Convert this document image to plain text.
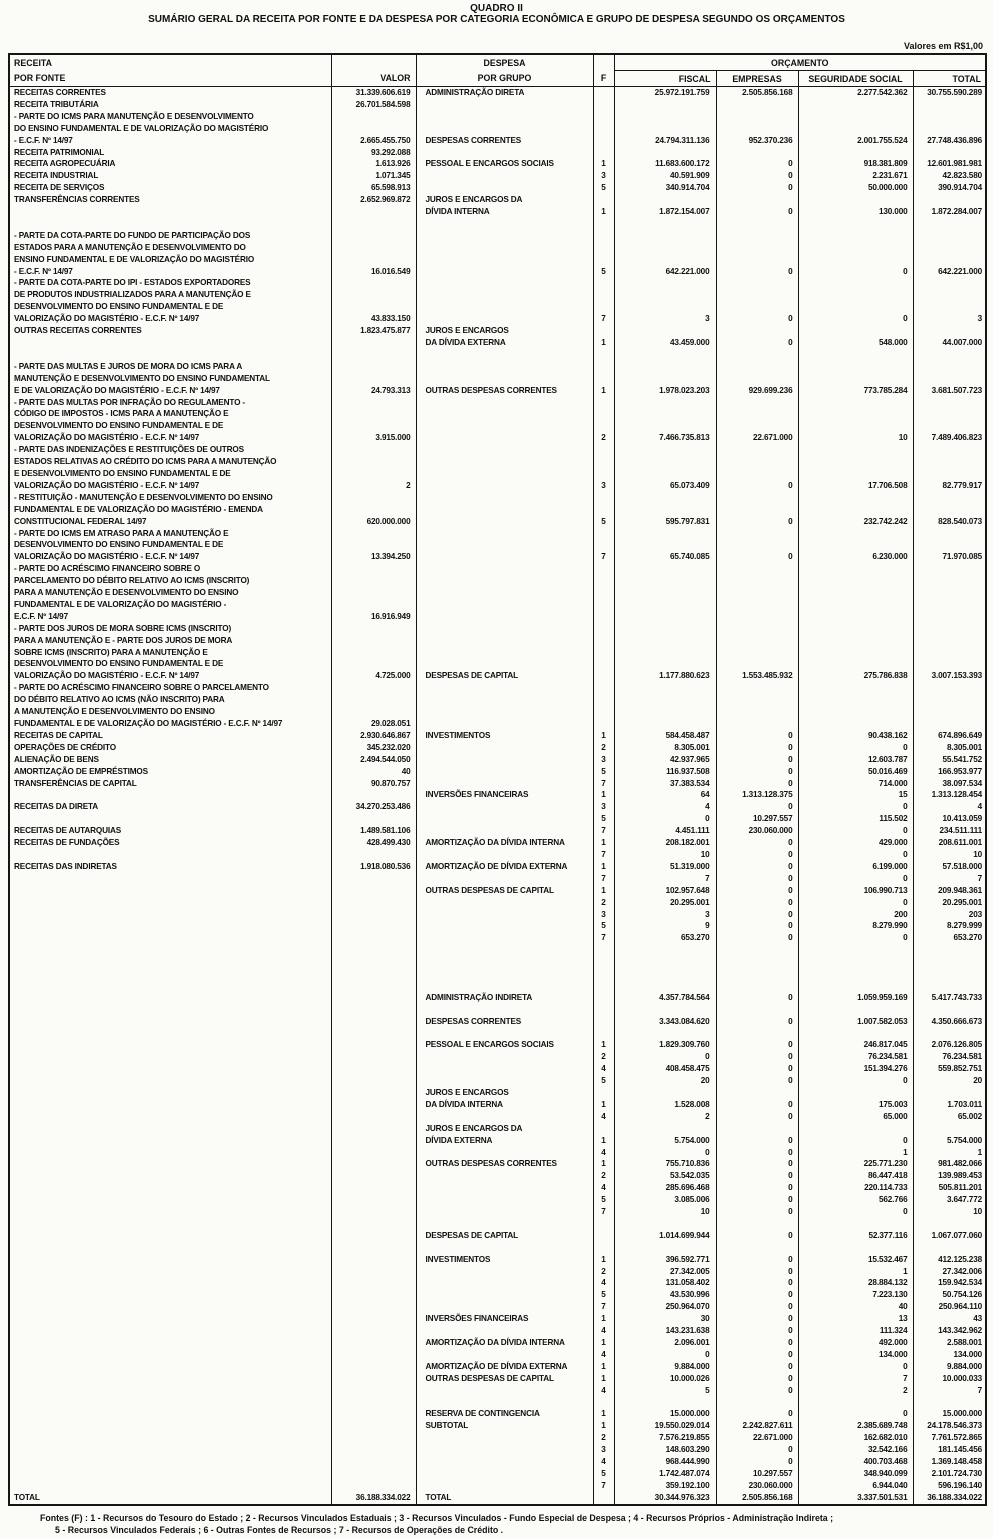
QUADRO II
SUMÁRIO GERAL DA RECEITA POR FONTE E DA DESPESA POR CATEGORIA ECONÔMICA E GRUPO DE DESPESA SEGUNDO OS ORÇAMENTOS
Valores em R$1,00
RECEITA		DESPESA		ORÇAMENTO			
POR FONTE	VALOR	POR GRUPO	F	FISCAL	EMPRESAS	SEGURIDADE SOCIAL	TOTAL
RECEITAS CORRENTES	31.339.606.619	ADMINISTRAÇÃO DIRETA		25.972.191.759	2.505.856.168	2.277.542.362	30.755.590.289
RECEITA TRIBUTÁRIA	26.701.584.598						
- PARTE DO ICMS PARA MANUTENÇÃO E DESENVOLVIMENTO							
DO ENSINO FUNDAMENTAL E DE VALORIZAÇÃO DO MAGISTÉRIO							
- E.C.F. Nº 14/97	2.665.455.750	DESPESAS CORRENTES		24.794.311.136	952.370.236	2.001.755.524	27.748.436.896
RECEITA PATRIMONIAL	93.292.088						
RECEITA AGROPECUÁRIA	1.613.926	PESSOAL E ENCARGOS SOCIAIS	1	11.683.600.172	0	918.381.809	12.601.981.981
RECEITA INDUSTRIAL	1.071.345		3	40.591.909	0	2.231.671	42.823.580
RECEITA DE SERVIÇOS	65.598.913		5	340.914.704	0	50.000.000	390.914.704
TRANSFERÊNCIAS CORRENTES	2.652.969.872	JUROS E ENCARGOS DA					
		DÍVIDA INTERNA	1	1.872.154.007	0	130.000	1.872.284.007

- PARTE DA COTA-PARTE DO FUNDO DE PARTICIPAÇÃO DOS							
ESTADOS PARA A MANUTENÇÃO E DESENVOLVIMENTO DO							
ENSINO FUNDAMENTAL E DE VALORIZAÇÃO DO MAGISTÉRIO							
- E.C.F. Nº 14/97	16.016.549		5	642.221.000	0	0	642.221.000
- PARTE DA COTA-PARTE DO IPI - ESTADOS EXPORTADORES							
DE PRODUTOS INDUSTRIALIZADOS PARA A MANUTENÇÃO E							
DESENVOLVIMENTO DO ENSINO FUNDAMENTAL E DE							
VALORIZAÇÃO DO MAGISTÉRIO - E.C.F. Nº 14/97	43.833.150		7	3	0	0	3
OUTRAS RECEITAS CORRENTES	1.823.475.877	JUROS E ENCARGOS					
		DA DÍVIDA EXTERNA	1	43.459.000	0	548.000	44.007.000

- PARTE DAS MULTAS E JUROS DE MORA DO ICMS PARA A							
MANUTENÇÃO E DESENVOLVIMENTO DO ENSINO FUNDAMENTAL							
E DE VALORIZAÇÃO DO MAGISTÉRIO - E.C.F. Nº 14/97	24.793.313	OUTRAS DESPESAS CORRENTES	1	1.978.023.203	929.699.236	773.785.284	3.681.507.723
- PARTE DAS MULTAS POR INFRAÇÃO DO REGULAMENTO -							
CÓDIGO DE IMPOSTOS - ICMS PARA A MANUTENÇÃO E							
DESENVOLVIMENTO DO ENSINO FUNDAMENTAL E DE							
VALORIZAÇÃO DO MAGISTÉRIO - E.C.F. Nº 14/97	3.915.000		2	7.466.735.813	22.671.000	10	7.489.406.823
- PARTE DAS INDENIZAÇÕES E RESTITUIÇÕES DE OUTROS							
ESTADOS RELATIVAS AO CRÉDITO DO ICMS PARA A MANUTENÇÃO							
E DESENVOLVIMENTO DO ENSINO FUNDAMENTAL E DE							
VALORIZAÇÃO DO MAGISTÉRIO - E.C.F. Nº 14/97	2		3	65.073.409	0	17.706.508	82.779.917
- RESTITUIÇÃO - MANUTENÇÃO E DESENVOLVIMENTO DO ENSINO							
FUNDAMENTAL E DE VALORIZAÇÃO DO MAGISTÉRIO - EMENDA							
CONSTITUCIONAL FEDERAL 14/97	620.000.000		5	595.797.831	0	232.742.242	828.540.073
- PARTE DO ICMS EM ATRASO PARA A MANUTENÇÃO E							
DESENVOLVIMENTO DO ENSINO FUNDAMENTAL E DE							
VALORIZAÇÃO DO MAGISTÉRIO - E.C.F. Nº 14/97	13.394.250		7	65.740.085	0	6.230.000	71.970.085
- PARTE DO ACRÉSCIMO FINANCEIRO SOBRE O							
PARCELAMENTO DO DÉBITO RELATIVO AO ICMS (INSCRITO)							
PARA A MANUTENÇÃO E DESENVOLVIMENTO DO ENSINO							
FUNDAMENTAL E DE VALORIZAÇÃO DO MAGISTÉRIO -							
E.C.F. Nº 14/97	16.916.949						
- PARTE DOS JUROS DE MORA SOBRE ICMS (INSCRITO)							
PARA A MANUTENÇÃO E - PARTE DOS JUROS DE MORA							
SOBRE ICMS (INSCRITO) PARA A MANUTENÇÃO E							
DESENVOLVIMENTO DO ENSINO FUNDAMENTAL E DE							
VALORIZAÇÃO DO MAGISTÉRIO - E.C.F. Nº 14/97	4.725.000	DESPESAS DE CAPITAL		1.177.880.623	1.553.485.932	275.786.838	3.007.153.393
- PARTE DO ACRÉSCIMO FINANCEIRO SOBRE O PARCELAMENTO							
DO DÉBITO RELATIVO AO ICMS (NÃO INSCRITO) PARA							
A MANUTENÇÃO E DESENVOLVIMENTO DO ENSINO							
FUNDAMENTAL E DE VALORIZAÇÃO DO MAGISTÉRIO - E.C.F. Nº 14/97	29.028.051						
RECEITAS DE CAPITAL	2.930.646.867	INVESTIMENTOS	1	584.458.487	0	90.438.162	674.896.649
OPERAÇÕES DE CRÉDITO	345.232.020		2	8.305.001	0	0	8.305.001
ALIENAÇÃO DE BENS	2.494.544.050		3	42.937.965	0	12.603.787	55.541.752
AMORTIZAÇÃO DE EMPRÉSTIMOS	40		5	116.937.508	0	50.016.469	166.953.977
TRANSFERÊNCIAS DE CAPITAL	90.870.757		7	37.383.534	0	714.000	38.097.534
		INVERSÕES FINANCEIRAS	1	64	1.313.128.375	15	1.313.128.454
RECEITAS DA DIRETA	34.270.253.486		3	4	0	0	4
			5	0	10.297.557	115.502	10.413.059
RECEITAS DE AUTARQUIAS	1.489.581.106		7	4.451.111	230.060.000	0	234.511.111
RECEITAS DE FUNDAÇÕES	428.499.430	AMORTIZAÇÃO DA DÍVIDA INTERNA	1	208.182.001	0	429.000	208.611.001
			7	10	0	0	10
RECEITAS DAS INDIRETAS	1.918.080.536	AMORTIZAÇÃO DE DÍVIDA EXTERNA	1	51.319.000	0	6.199.000	57.518.000
			7	7	0	0	7
		OUTRAS DESPESAS DE CAPITAL	1	102.957.648	0	106.990.713	209.948.361
			2	20.295.001	0	0	20.295.001
			3	3	0	200	203
			5	9	0	8.279.990	8.279.999
			7	653.270	0	0	653.270

		ADMINISTRAÇÃO INDIRETA		4.357.784.564	0	1.059.959.169	5.417.743.733

		DESPESAS CORRENTES		3.343.084.620	0	1.007.582.053	4.350.666.673

		PESSOAL E ENCARGOS SOCIAIS	1	1.829.309.760	0	246.817.045	2.076.126.805
			2	0	0	76.234.581	76.234.581
			4	408.458.475	0	151.394.276	559.852.751
			5	20	0	0	20
		JUROS E ENCARGOS					
		DA DÍVIDA INTERNA	1	1.528.008	0	175.003	1.703.011
			4	2	0	65.000	65.002
		JUROS E ENCARGOS DA					
		DÍVIDA EXTERNA	1	5.754.000	0	0	5.754.000
			4	0	0	1	1
		OUTRAS DESPESAS CORRENTES	1	755.710.836	0	225.771.230	981.482.066
			2	53.542.035	0	86.447.418	139.989.453
			4	285.696.468	0	220.114.733	505.811.201
			5	3.085.006	0	562.766	3.647.772
			7	10	0	0	10

		DESPESAS DE CAPITAL		1.014.699.944	0	52.377.116	1.067.077.060

		INVESTIMENTOS	1	396.592.771	0	15.532.467	412.125.238
			2	27.342.005	0	1	27.342.006
			4	131.058.402	0	28.884.132	159.942.534
			5	43.530.996	0	7.223.130	50.754.126
			7	250.964.070	0	40	250.964.110
		INVERSÕES FINANCEIRAS	1	30	0	13	43
			4	143.231.638	0	111.324	143.342.962
		AMORTIZAÇÃO DA DÍVIDA INTERNA	1	2.096.001	0	492.000	2.588.001
			4	0	0	134.000	134.000
		AMORTIZAÇÃO DE DÍVIDA EXTERNA	1	9.884.000	0	0	9.884.000
		OUTRAS DESPESAS DE CAPITAL	1	10.000.026	0	7	10.000.033
			4	5	0	2	7

		RESERVA DE CONTINGENCIA	1	15.000.000	0	0	15.000.000
		SUBTOTAL	1	19.550.029.014	2.242.827.611	2.385.689.748	24.178.546.373
			2	7.576.219.855	22.671.000	162.682.010	7.761.572.865
			3	148.603.290	0	32.542.166	181.145.456
			4	968.444.990	0	400.703.468	1.369.148.458
			5	1.742.487.074	10.297.557	348.940.099	2.101.724.730
			7	359.192.100	230.060.000	6.944.040	596.196.140
TOTAL	36.188.334.022	TOTAL		30.344.976.323	2.505.856.168	3.337.501.531	36.188.334.022
Fontes (F) : 1 - Recursos do Tesouro do Estado ; 2 - Recursos Vinculados Estaduais ; 3 - Recursos Vinculados - Fundo Especial de Despesa ; 4 - Recursos Próprios - Administração Indireta ;
5 - Recursos Vinculados Federais ; 6 - Outras Fontes de Recursos ; 7 - Recursos de Operações de Crédito .
